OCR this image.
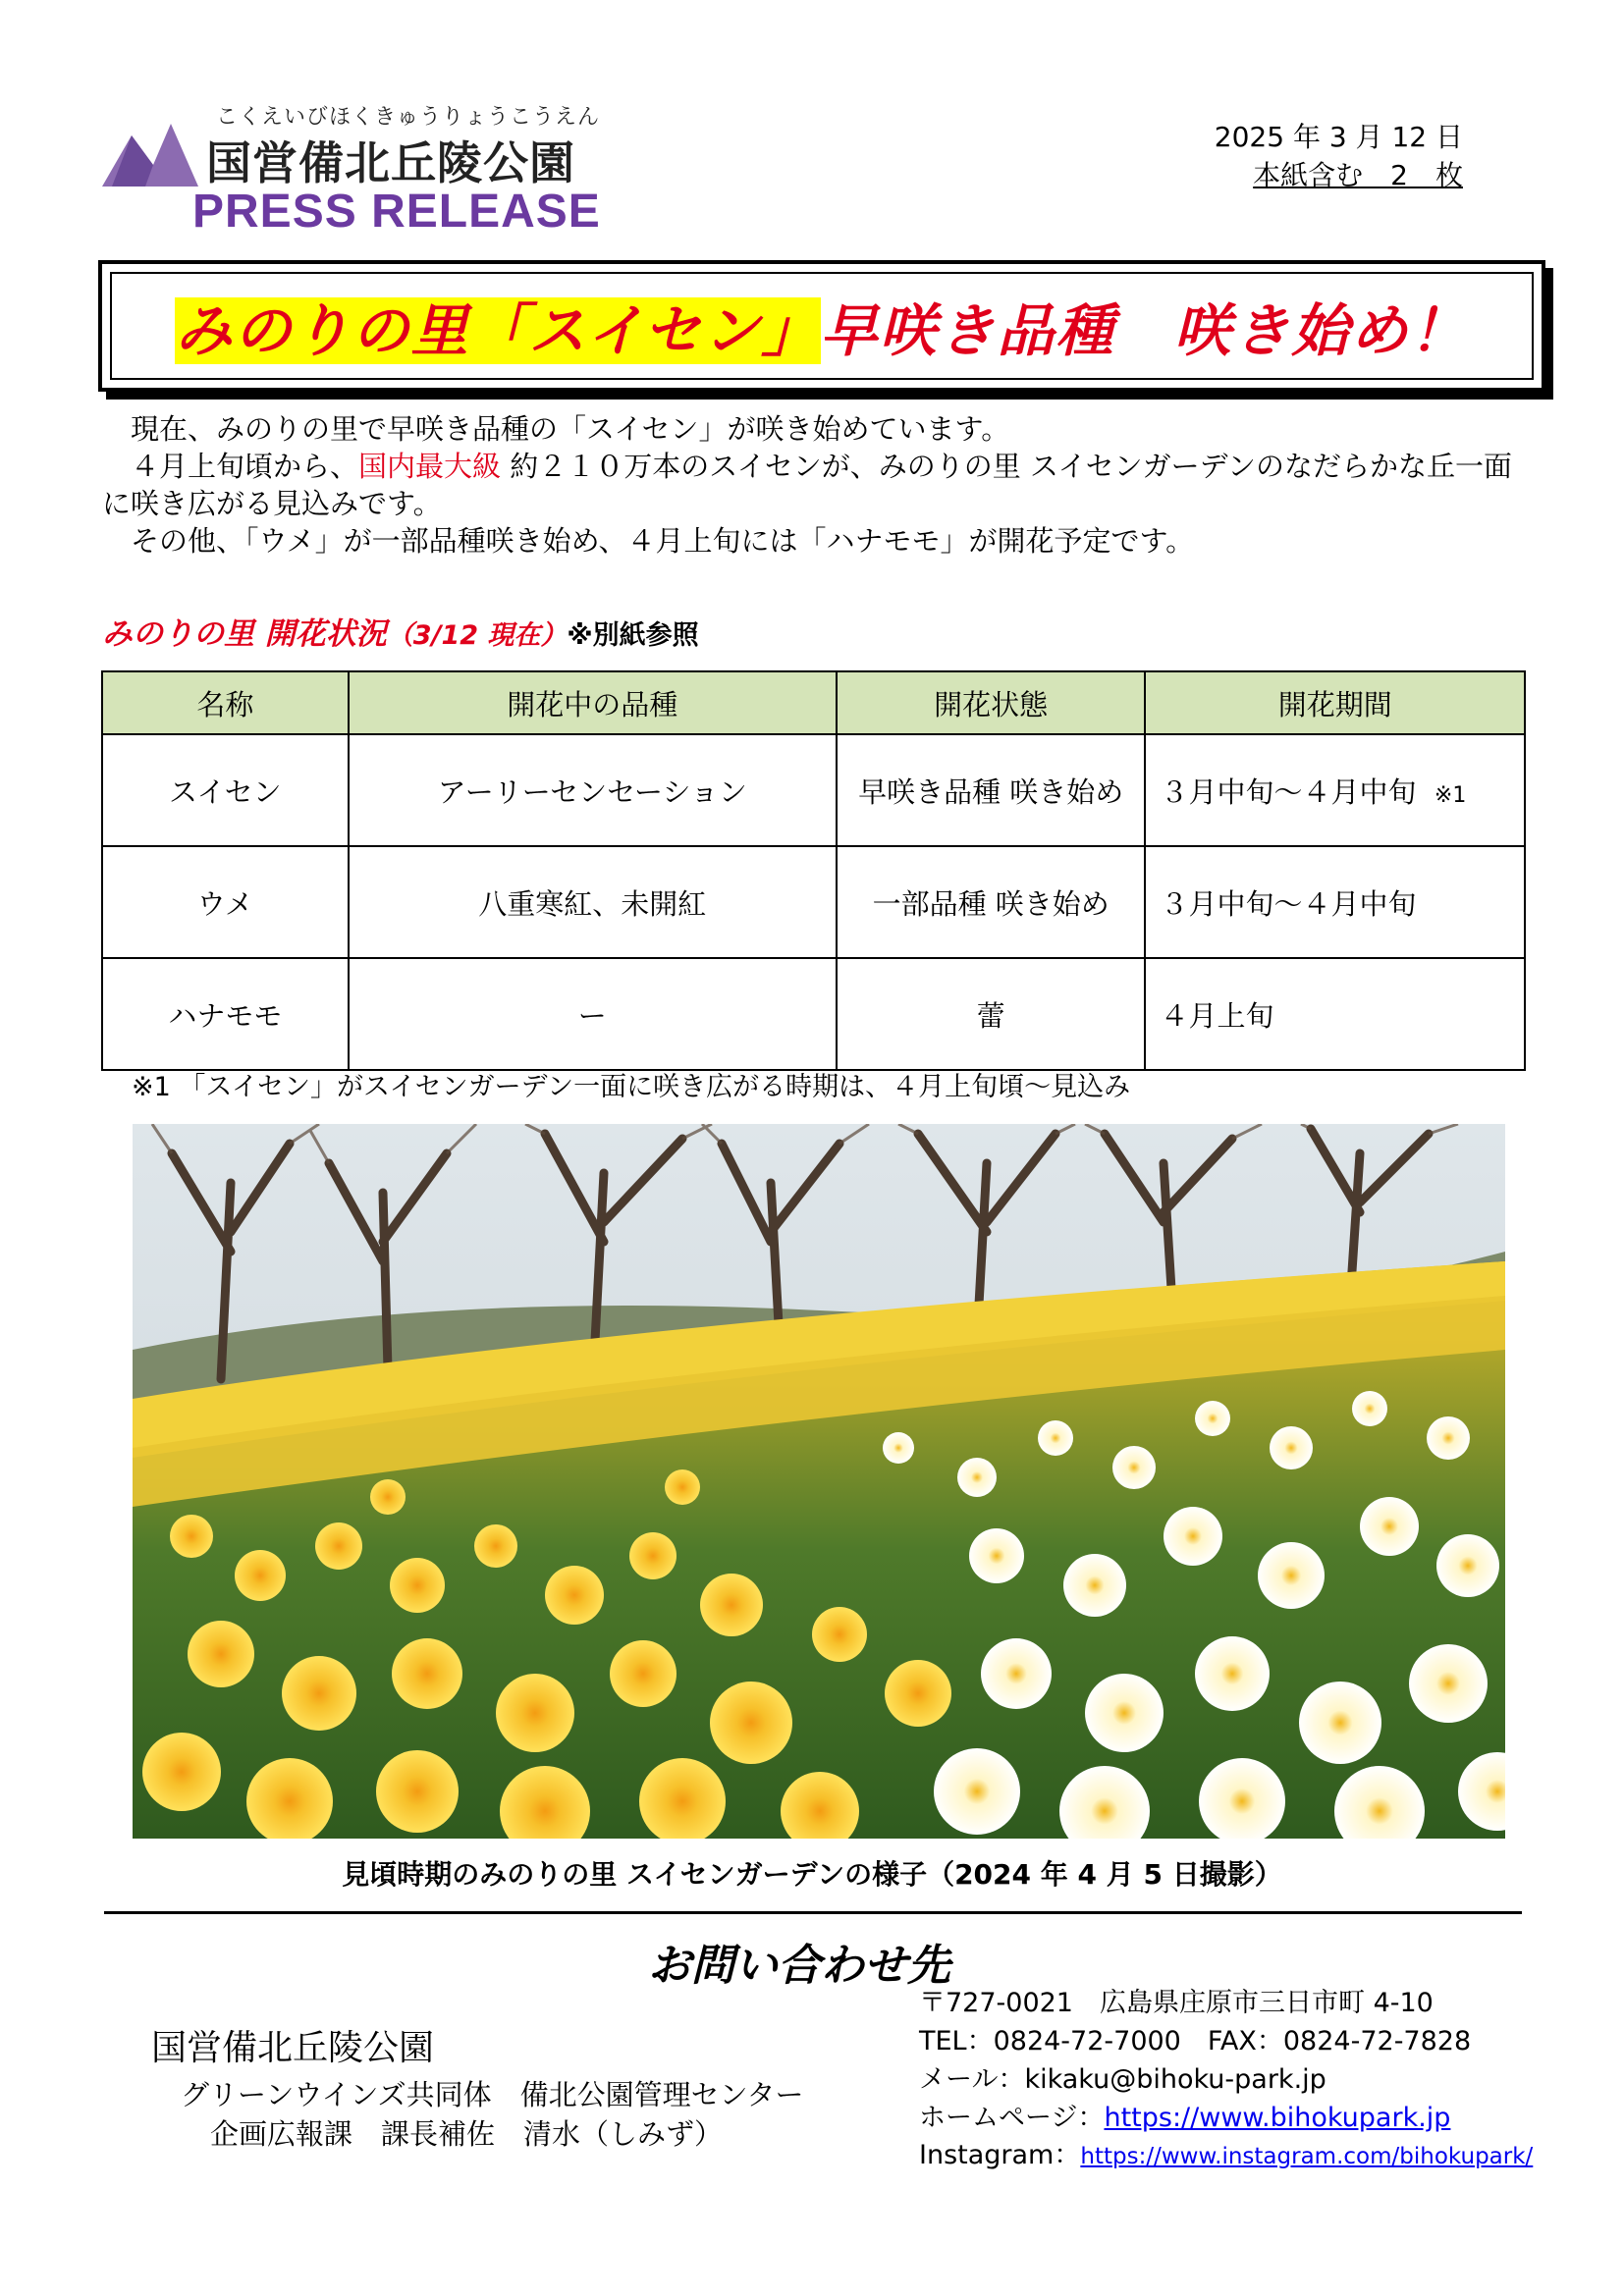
こくえいびほくきゅうりょうこうえん
国営備北丘陵公園
PRESS RELEASE
2025 年 3 月 12 日
本紙含む　2　枚
みのりの里「スイセン」早咲き品種　咲き始め！
現在、みのりの里で早咲き品種の「スイセン」が咲き始めています。
４月上旬頃から、国内最大級 約２１０万本のスイセンが、みのりの里 スイセンガーデンのなだらかな丘一面に咲き広がる見込みです。
その他、「ウメ」が一部品種咲き始め、４月上旬には「ハナモモ」が開花予定です。
みのりの里 開花状況（3/12 現在）※別紙参照
名称	開花中の品種	開花状態	開花期間
スイセン	アーリーセンセーション	早咲き品種 咲き始め	３月中旬～４月中旬 ※1
ウメ	八重寒紅、未開紅	一部品種 咲き始め	３月中旬～４月中旬
ハナモモ	ー	蕾	４月上旬
※1 「スイセン」がスイセンガーデン一面に咲き広がる時期は、４月上旬頃～見込み
見頃時期のみのりの里 スイセンガーデンの様子（2024 年 4 月 5 日撮影）
お問い合わせ先
国営備北丘陵公園
グリーンウインズ共同体　備北公園管理センター
企画広報課　課長補佐　清水（しみず）
〒727-0021　広島県庄原市三日市町 4-10
TEL：0824-72-7000　FAX：0824-72-7828
メール：kikaku@bihoku-park.jp
ホームページ：https://www.bihokupark.jp
Instagram：https://www.instagram.com/bihokupark/
